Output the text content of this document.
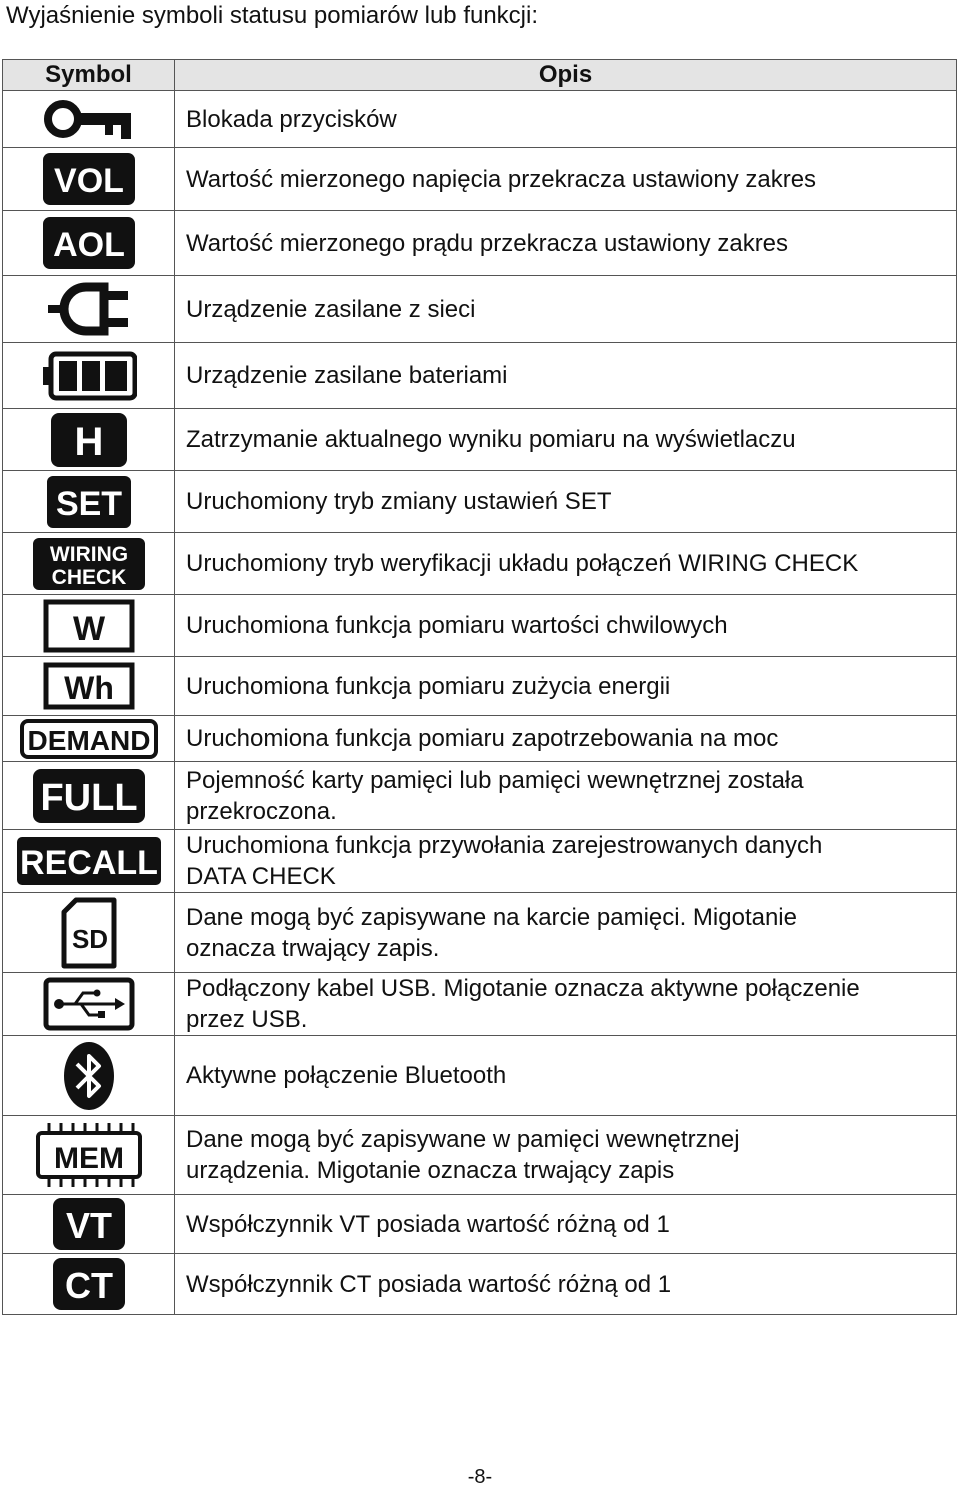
Wyjaśnienie symboli statusu pomiarów lub funkcji:
Symbol	Opis

	Blokada przycisków

VOL	Wartość mierzonego napięcia przekracza ustawiony zakres

AOL	Wartość mierzonego prądu przekracza ustawiony zakres

	Urządzenie zasilane z sieci

	Urządzenie zasilane bateriami

H	Zatrzymanie aktualnego wyniku pomiaru na wyświetlaczu

SET	Uruchomiony tryb zmiany ustawień SET

WIRING
CHECK	Uruchomiony tryb weryfikacji układu połączeń WIRING CHECK

W	Uruchomiona funkcja pomiaru wartości chwilowych

Wh	Uruchomiona funkcja pomiaru zużycia energii

DEMAND	Uruchomiona funkcja pomiaru zapotrzebowania na moc

FULL	Pojemność karty pamięci lub pamięci wewnętrznej została
przekroczona.

RECALL	Uruchomiona funkcja przywołania zarejestrowanych danych
DATA CHECK

SD	Dane mogą być zapisywane na karcie pamięci. Migotanie
oznacza trwający zapis.

	Podłączony kabel USB. Migotanie oznacza aktywne połączenie
przez USB.

	Aktywne połączenie Bluetooth

MEM	Dane mogą być zapisywane w pamięci wewnętrznej
urządzenia. Migotanie oznacza trwający zapis

VT	Współczynnik VT posiada wartość różną od 1

CT	Współczynnik CT posiada wartość różną od 1
-8-
